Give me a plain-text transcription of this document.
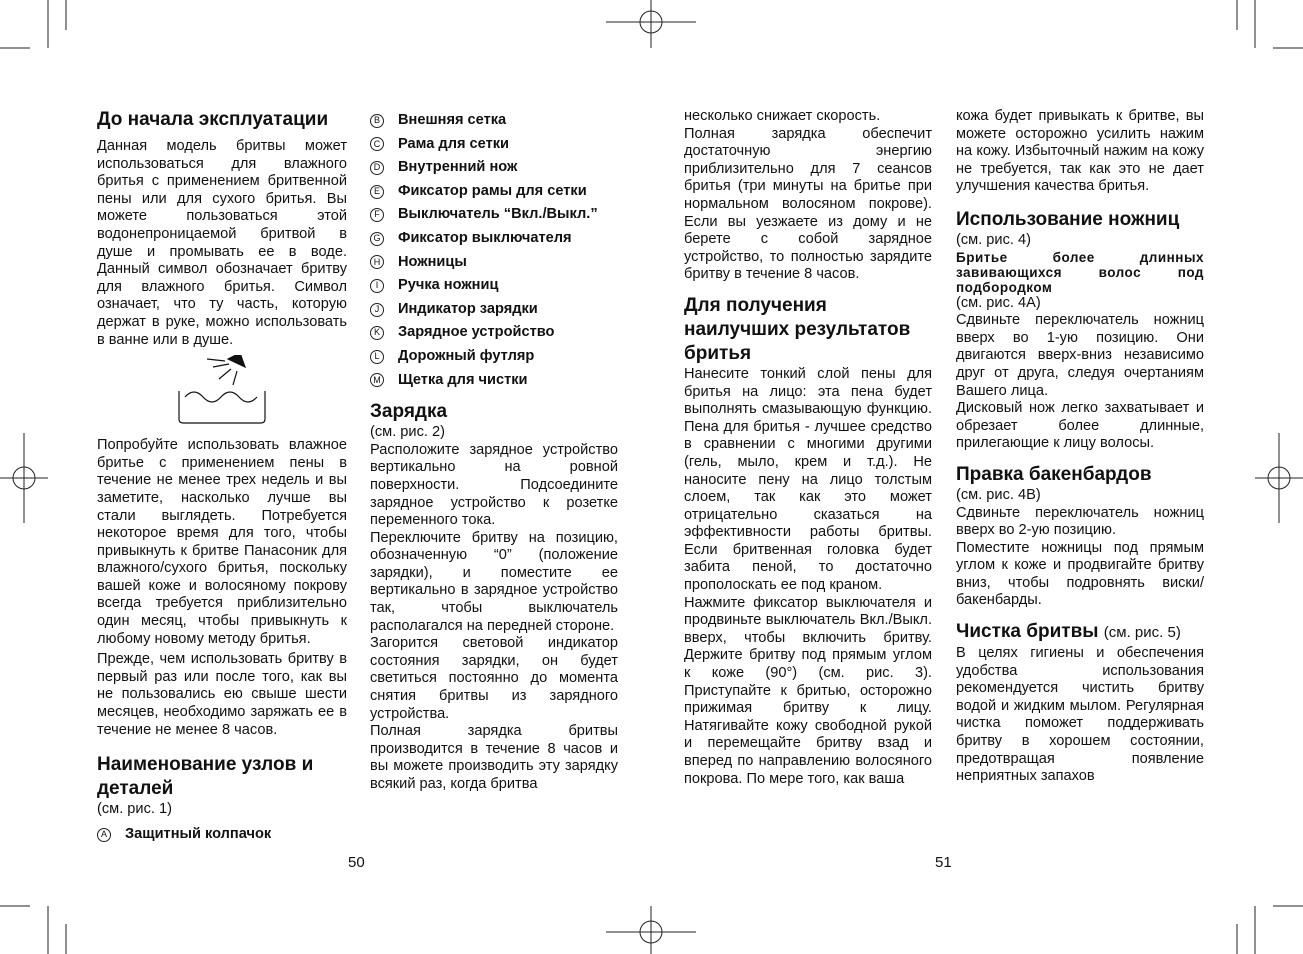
До начала эксплуатации

Данная модель бритвы может использоваться для влажного бритья с применением бритвенной пены или для сухого бритья. Вы можете пользоваться этой водонепроницаемой бритвой в душе и промывать ее в воде. Данный символ обозначает бритву для влажного бритья. Символ означает, что ту часть, которую держат в руке, можно использовать в ванне или в душе.

Попробуйте использовать влажное бритье с применением пены в течение не менее трех недель и вы заметите, насколько лучше вы стали выглядеть. Потребуется некоторое время для того, чтобы привыкнуть к бритве Панасоник для влажного/сухого бритья, поскольку вашей коже и волосяному покрову всегда требуется приблизительно один месяц, чтобы привыкнуть к любому новому методу бритья.

Прежде, чем использовать бритву в первый раз или после того, как вы не пользовались ею свыше шести месяцев, необходимо заряжать ее в течение не менее 8 часов.

Наименование узлов и деталей

(см. рис. 1)

A Защитный колпачок
B Внешняя сетка
C Рама для сетки
D Внутренний нож
E Фиксатор рамы для сетки
F Выключатель “Вкл./Выкл.”
G Фиксатор выключателя
H Ножницы
I	Ручка ножниц
J	Индикатор зарядки
K Зарядное устройство
L	Дорожный футляр
M Щетка для чистки
Зарядка

(см. рис. 2)

Расположите зарядное устройство вертикально на ровной поверхности. Подсоедините зарядное устройство к розетке переменного тока.

Переключите бритву на позицию, обозначенную “0” (положение зарядки), и поместите ее вертикально в зарядное устройство так, чтобы выключатель располагался на передней стороне.

Загорится световой индикатор состояния зарядки, он будет светиться постоянно до момента снятия бритвы из зарядного устройства.

Полная зарядка бритвы производится в течение 8 часов и вы можете производить эту зарядку всякий раз, когда бритва

несколько снижает скорость.

Полная зарядка обеспечит достаточную энергию приблизительно для 7 сеансов бритья (три минуты на бритье при нормальном волосяном покрове). Если вы уезжаете из дому и не берете с собой зарядное устройство, то полностью зарядите бритву в течение 8 часов.

Для получения наилучших результатов бритья

Нанесите тонкий слой пены для бритья на лицо: эта пена будет выполнять смазывающую функцию. Пена для бритья - лучшее средство в сравнении с многими другими (гель, мыло, крем и т.д.). Не наносите пену на лицо толстым слоем, так как это может отрицательно сказаться на эффективности работы бритвы. Если бритвенная головка будет забита пеной, то достаточно прополоскать ее под краном.

Нажмите фиксатор выключателя и продвиньте выключатель Вкл./Выкл. вверх, чтобы включить бритву. Держите бритву под прямым углом к коже (90°) (см. рис. 3). Приступайте к бритью, осторожно прижимая бритву к лицу. Натягивайте кожу свободной рукой и перемещайте бритву взад и вперед по направлению волосяного покрова. По мере того, как ваша

кожа будет привыкать к бритве, вы можете осторожно усилить нажим на кожу. Избыточный нажим на кожу не требуется, так как это не дает улучшения качества бритья.

Использование ножниц

(см. рис. 4)

Бритье более длинных завивающихся волос под подбородком

(см. рис. 4A)

Сдвиньте переключатель ножниц вверх во 1-ую позицию. Они двигаются вверх-вниз независимо друг от друга, следуя очертаниям Вашего лица.

Дисковый нож легко захватывает и обрезает более длинные, прилегающие к лицу волосы.

Правка бакенбардов

(см. рис. 4B)

Сдвиньте переключатель ножниц вверх во 2-ую позицию.

Поместите ножницы под прямым углом к коже и продвигайте бритву вниз, чтобы подровнять виски/бакенбарды.

Чистка бритвы (см. рис. 5)

В целях гигиены и обеспечения удобства использования рекомендуется чистить бритву водой и жидким мылом. Регулярная чистка поможет поддерживать бритву в хорошем состоянии, предотвращая появление неприятных запахов

50	51
